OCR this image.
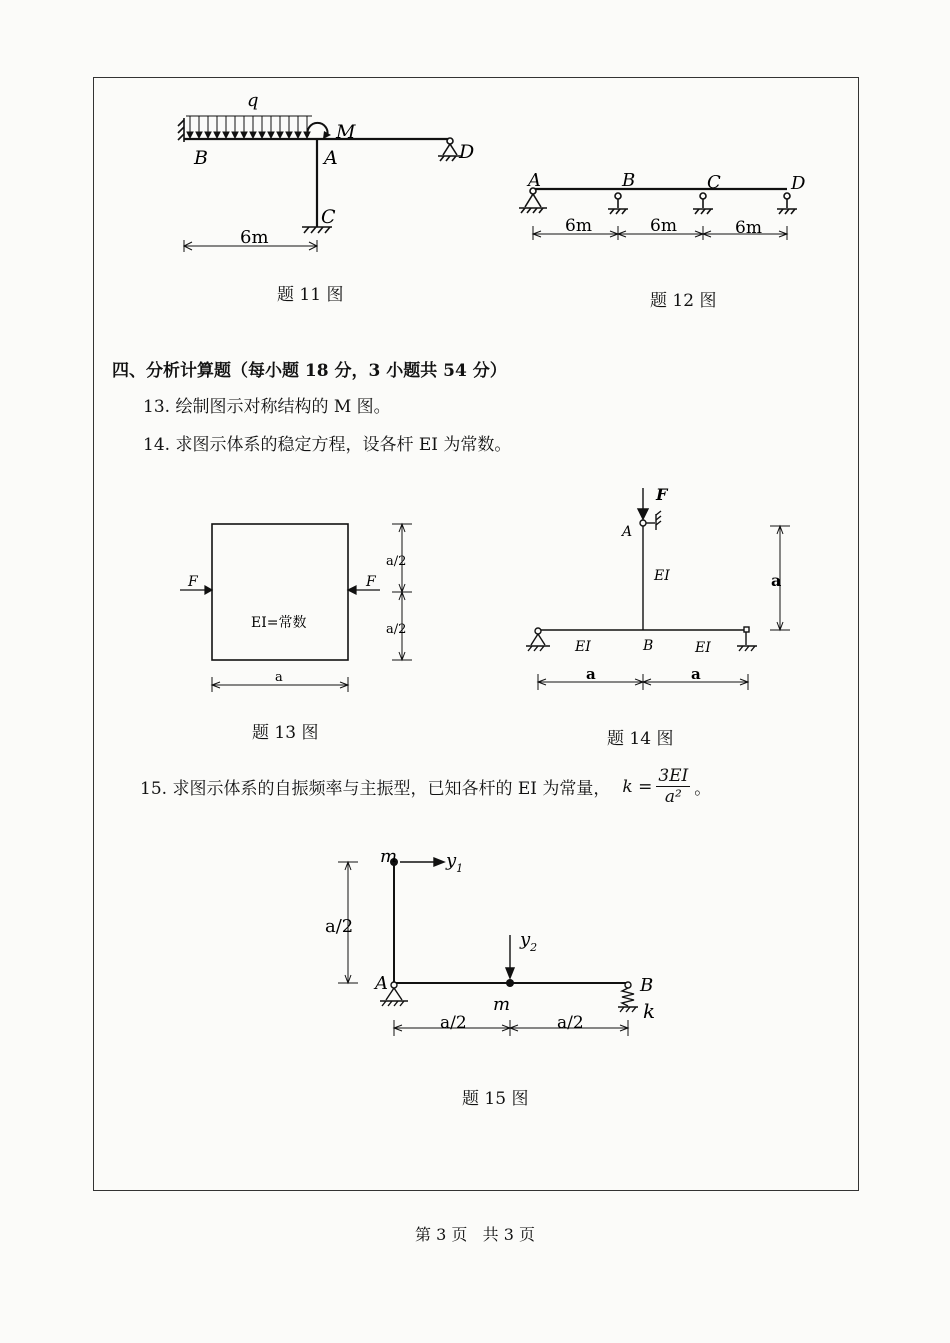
q
M
B	A
C
D
6m
题 11 图
A	B	C	D
6m	6m	6m
题 12 图
四、分析计算题（每小题 18 分，3 小题共 54 分）
13. 绘制图示对称结构的 M 图。
14. 求图示体系的稳定方程，设各杆 EI 为常数。
F	F
EI=常数
a/2
a/2
a
题 13 图
F
A
EI
EI	B	EI
a
a	a
题 14 图
15. 求图示体系的自振频率与主振型，已知各杆的 EI 为常量， $k = \frac{3EI}{\text{a²}}$ 。
m	$y_1$
$y_2$
A
m
B
k
a/2
a/2	a/2
题 15 图
第 3 页   共 3 页
